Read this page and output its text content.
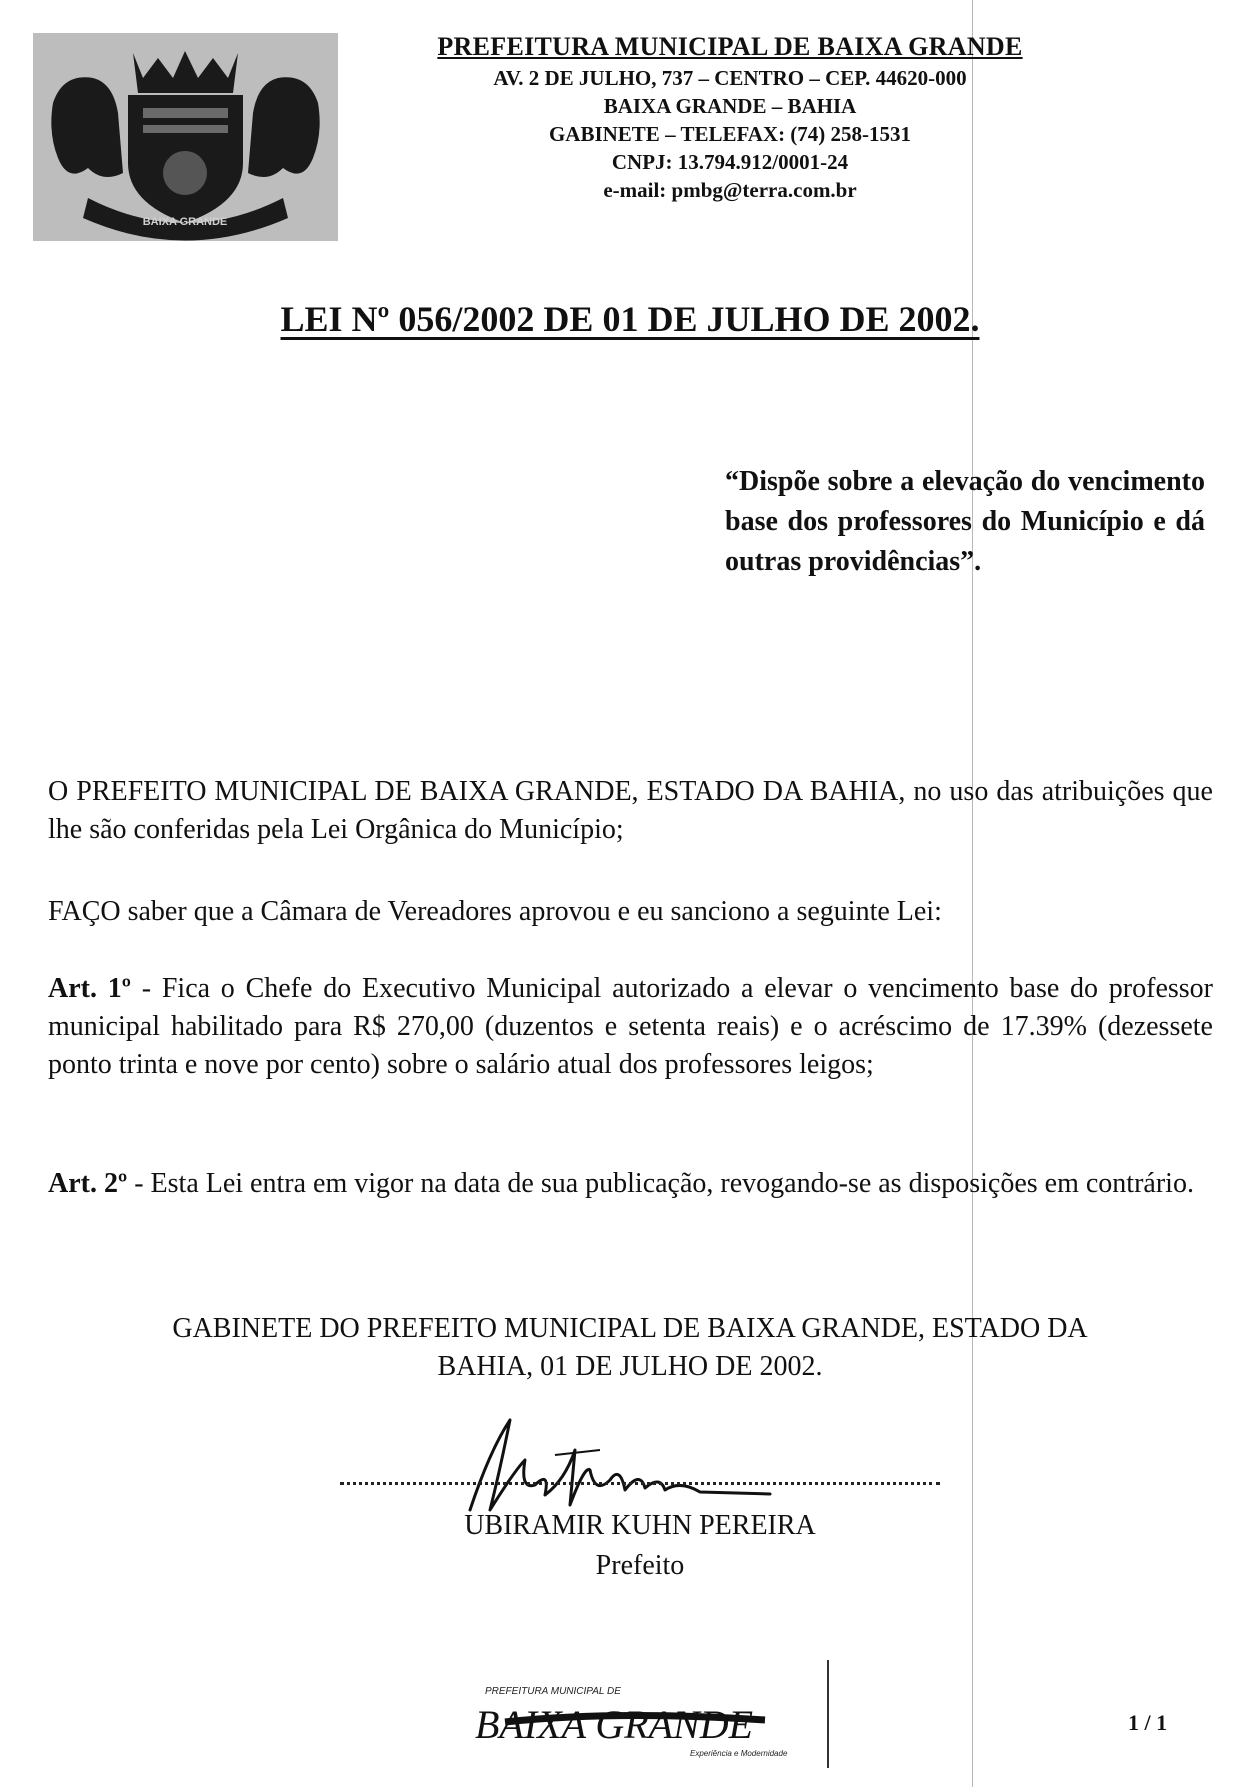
BAIXA GRANDE
PREFEITURA MUNICIPAL DE BAIXA GRANDE
AV. 2 DE JULHO, 737 – CENTRO – CEP. 44620-000
BAIXA GRANDE – BAHIA
GABINETE – TELEFAX: (74) 258-1531
CNPJ: 13.794.912/0001-24
e-mail: pmbg@terra.com.br
LEI Nº 056/2002 DE 01 DE JULHO DE 2002.
“Dispõe sobre a elevação do vencimento base dos professores do Município e dá outras providências”.
O PREFEITO MUNICIPAL DE BAIXA GRANDE, ESTADO DA BAHIA, no uso das atribuições que lhe são conferidas pela Lei Orgânica do Município;
FAÇO saber que a Câmara de Vereadores aprovou e eu sanciono a seguinte Lei:
Art. 1º - Fica o Chefe do Executivo Municipal autorizado a elevar o vencimento base do professor municipal habilitado para R$ 270,00 (duzentos e setenta reais) e o acréscimo de 17.39% (dezessete ponto trinta e nove por cento) sobre o salário atual dos professores leigos;
Art. 2º - Esta Lei entra em vigor na data de sua publicação, revogando-se as disposições em contrário.
GABINETE DO PREFEITO MUNICIPAL DE BAIXA GRANDE, ESTADO DA
BAHIA, 01 DE JULHO DE 2002.
UBIRAMIR KUHN PEREIRA
Prefeito
PREFEITURA MUNICIPAL DE
BAIXA GRANDE
Experiência e Modernidade
1 / 1
